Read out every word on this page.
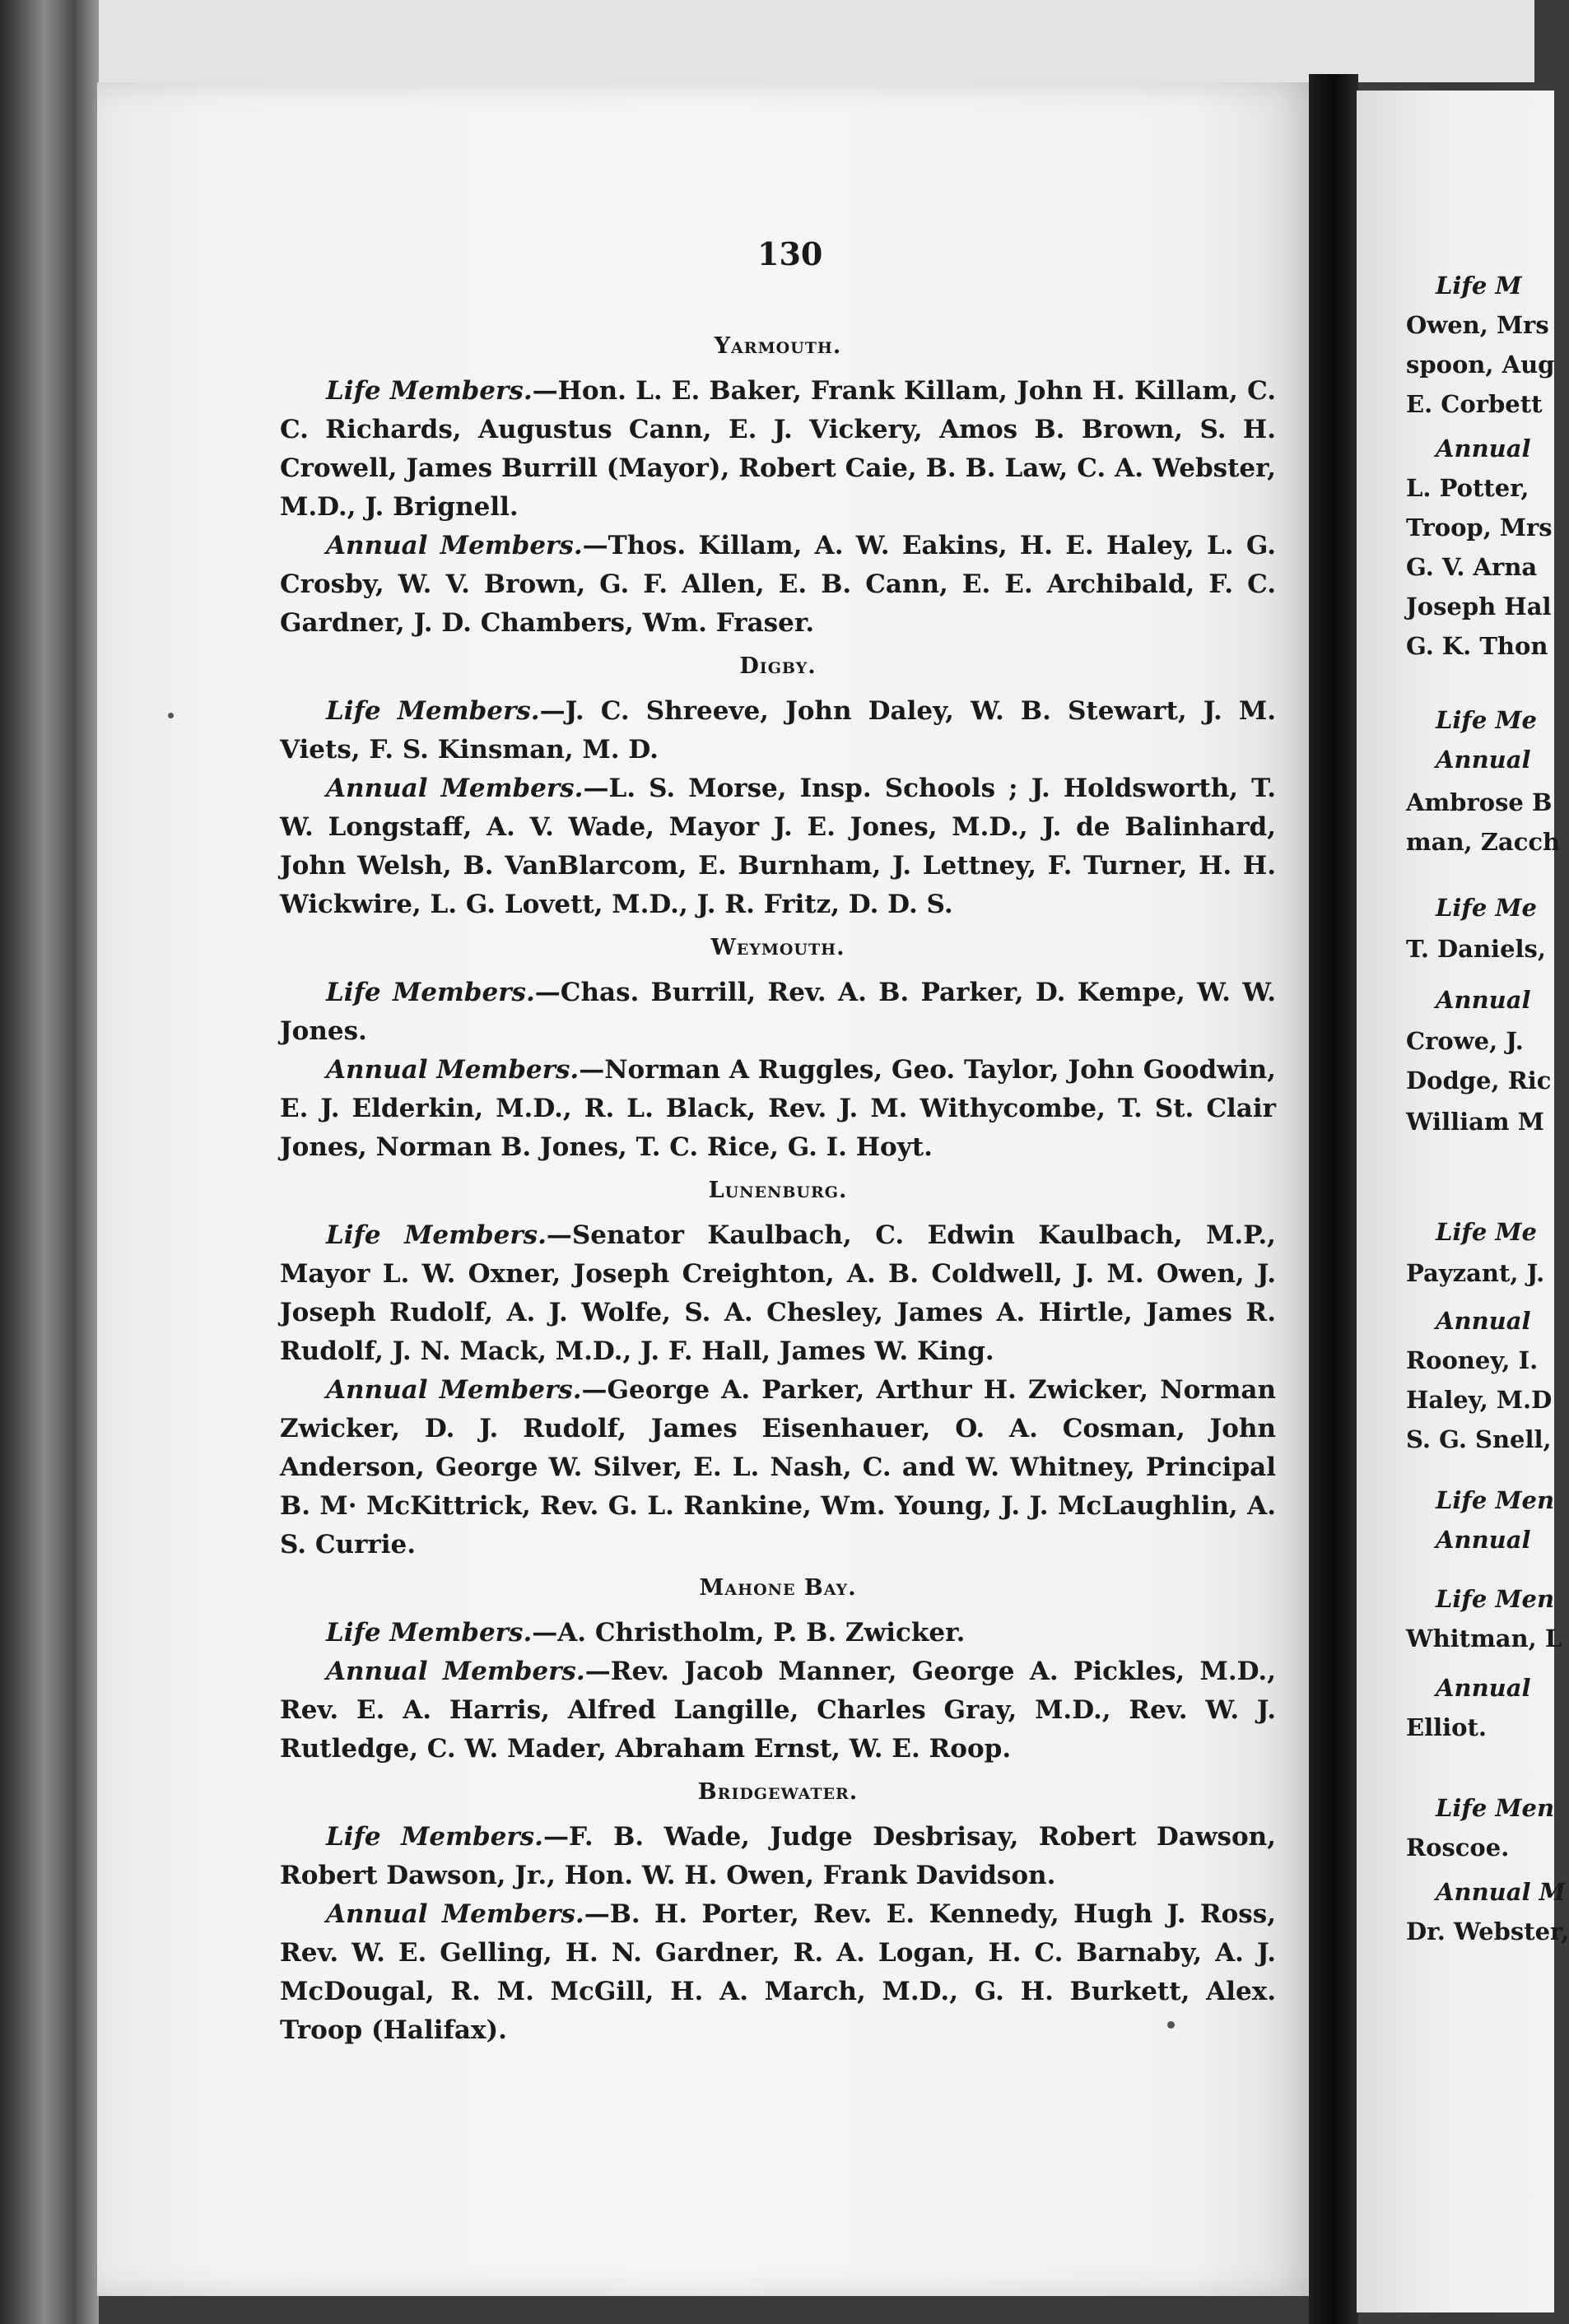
130
Yarmouth.

Life Members.—Hon. L. E. Baker, Frank Killam, John H. Killam, C. C. Richards, Augustus Cann, E. J. Vickery, Amos B. Brown, S. H. Crowell, James Burrill (Mayor), Robert Caie, B. B. Law, C. A. Webster, M.D., J. Brignell.

Annual Members.—Thos. Killam, A. W. Eakins, H. E. Haley, L. G. Crosby, W. V. Brown, G. F. Allen, E. B. Cann, E. E. Archibald, F. C. Gardner, J. D. Chambers, Wm. Fraser.

Digby.

Life Members.—J. C. Shreeve, John Daley, W. B. Stewart, J. M. Viets, F. S. Kinsman, M. D.

Annual Members.—L. S. Morse, Insp. Schools ; J. Holdsworth, T. W. Longstaff, A. V. Wade, Mayor J. E. Jones, M.D., J. de Balinhard, John Welsh, B. VanBlarcom, E. Burnham, J. Lettney, F. Turner, H. H. Wickwire, L. G. Lovett, M.D., J. R. Fritz, D. D. S.

Weymouth.

Life Members.—Chas. Burrill, Rev. A. B. Parker, D. Kempe, W. W. Jones.

Annual Members.—Norman A Ruggles, Geo. Taylor, John Goodwin, E. J. Elderkin, M.D., R. L. Black, Rev. J. M. Withycombe, T. St. Clair Jones, Norman B. Jones, T. C. Rice, G. I. Hoyt.

Lunenburg.

Life Members.—Senator Kaulbach, C. Edwin Kaulbach, M.P., Mayor L. W. Oxner, Joseph Creighton, A. B. Coldwell, J. M. Owen, J. Joseph Rudolf, A. J. Wolfe, S. A. Chesley, James A. Hirtle, James R. Rudolf, J. N. Mack, M.D., J. F. Hall, James W. King.

Annual Members.—George A. Parker, Arthur H. Zwicker, Norman Zwicker, D. J. Rudolf, James Eisenhauer, O. A. Cosman, John Anderson, George W. Silver, E. L. Nash, C. and W. Whitney, Principal B. M· McKittrick, Rev. G. L. Rankine, Wm. Young, J. J. McLaughlin, A. S. Currie.

Mahone Bay.

Life Members.—A. Christholm, P. B. Zwicker.

Annual Members.—Rev. Jacob Manner, George A. Pickles, M.D., Rev. E. A. Harris, Alfred Langille, Charles Gray, M.D., Rev. W. J. Rutledge, C. W. Mader, Abraham Ernst, W. E. Roop.

Bridgewater.

Life Members.—F. B. Wade, Judge Desbrisay, Robert Dawson, Robert Dawson, Jr., Hon. W. H. Owen, Frank Davidson.

Annual Members.—B. H. Porter, Rev. E. Kennedy, Hugh J. Ross, Rev. W. E. Gelling, H. N. Gardner, R. A. Logan, H. C. Barnaby, A. J. McDougal, R. M. McGill, H. A. March, M.D., G. H. Burkett, Alex. Troop (Halifax).

Life M
Owen, Mrs
spoon, Aug
E. Corbett
Annual
L. Potter,
Troop, Mrs
G. V. Arna
Joseph Hal
G. K. Thon
Life Me
Annual
Ambrose B
man, Zacch
Life Me
T. Daniels,
Annual
Crowe, J.
Dodge, Ric
William M
Life Me
Payzant, J.
Annual
Rooney, I.
Haley, M.D
S. G. Snell,
Life Men
Annual
Life Men
Whitman, L
Annual
Elliot.
Life Men
Roscoe.
Annual M
Dr. Webster,
